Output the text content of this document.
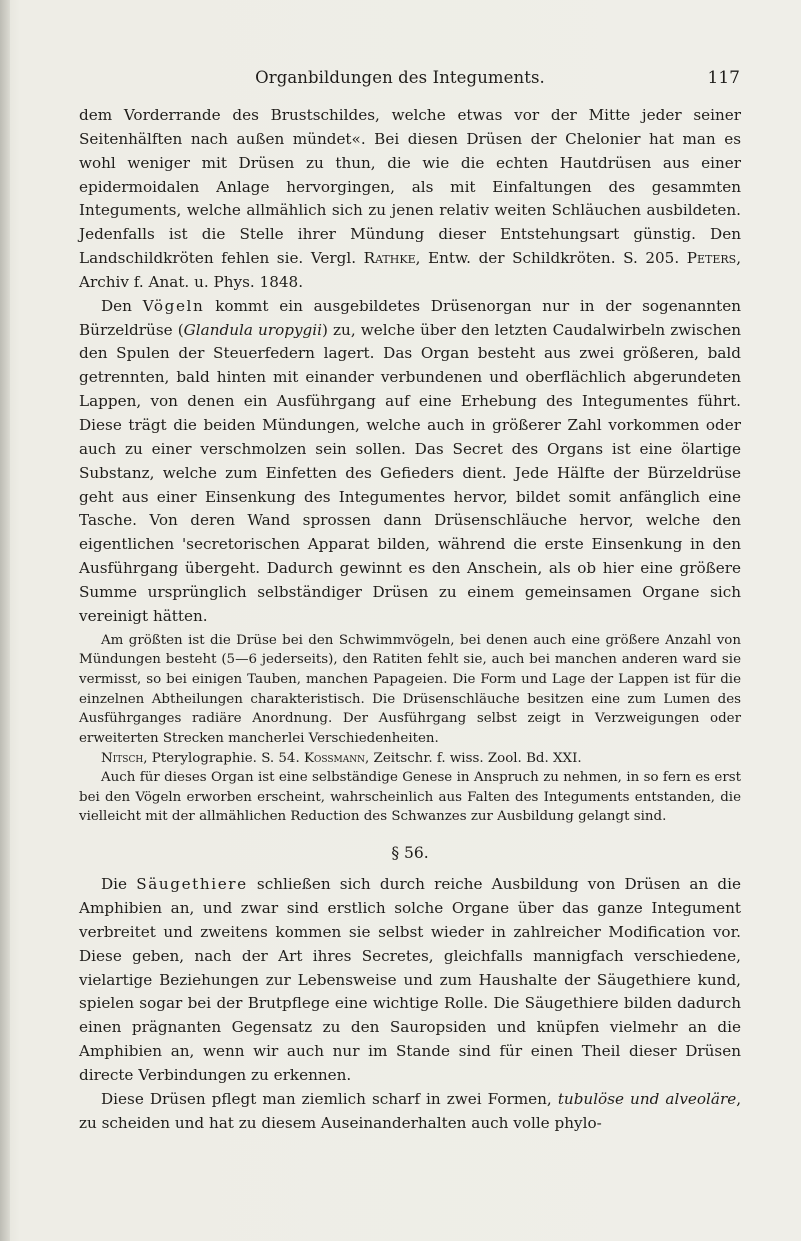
Organbildungen des Integuments.	117

dem Vorderrande des Brustschildes, welche etwas vor der Mitte jeder seiner Seitenhälften nach außen mündet«. Bei diesen Drüsen der Chelonier hat man es wohl weniger mit Drüsen zu thun, die wie die echten Hautdrüsen aus einer epidermoidalen Anlage hervorgingen, als mit Einfaltungen des gesammten Integuments, welche allmählich sich zu jenen relativ weiten Schläuchen ausbildeten. Jedenfalls ist die Stelle ihrer Mündung dieser Entstehungsart günstig. Den Landschildkröten fehlen sie. Vergl. Rathke, Entw. der Schildkröten. S. 205. Peters, Archiv f. Anat. u. Phys. 1848.

Den Vögeln kommt ein ausgebildetes Drüsenorgan nur in der sogenannten Bürzeldrüse (Glandula uropygii) zu, welche über den letzten Caudalwirbeln zwischen den Spulen der Steuerfedern lagert. Das Organ besteht aus zwei größeren, bald getrennten, bald hinten mit einander verbundenen und oberflächlich abgerundeten Lappen, von denen ein Ausführgang auf eine Erhebung des Integumentes führt. Diese trägt die beiden Mündungen, welche auch in größerer Zahl vorkommen oder auch zu einer verschmolzen sein sollen. Das Secret des Organs ist eine ölartige Substanz, welche zum Einfetten des Gefieders dient. Jede Hälfte der Bürzeldrüse geht aus einer Einsenkung des Integumentes hervor, bildet somit anfänglich eine Tasche. Von deren Wand sprossen dann Drüsenschläuche hervor, welche den eigentlichen 'secretorischen Apparat bilden, während die erste Einsenkung in den Ausführgang übergeht. Dadurch gewinnt es den Anschein, als ob hier eine größere Summe ursprünglich selbständiger Drüsen zu einem gemeinsamen Organe sich vereinigt hätten.

Am größten ist die Drüse bei den Schwimmvögeln, bei denen auch eine größere Anzahl von Mündungen besteht (5—6 jederseits), den Ratiten fehlt sie, auch bei manchen anderen ward sie vermisst, so bei einigen Tauben, manchen Papageien. Die Form und Lage der Lappen ist für die einzelnen Abtheilungen charakteristisch. Die Drüsenschläuche besitzen eine zum Lumen des Ausführganges radiäre Anordnung. Der Ausführgang selbst zeigt in Verzweigungen oder erweiterten Strecken mancherlei Verschiedenheiten.

Nitsch, Pterylographie. S. 54. Kossmann, Zeitschr. f. wiss. Zool. Bd. XXI.

Auch für dieses Organ ist eine selbständige Genese in Anspruch zu nehmen, in so fern es erst bei den Vögeln erworben erscheint, wahrscheinlich aus Falten des Integuments entstanden, die vielleicht mit der allmählichen Reduction des Schwanzes zur Ausbildung gelangt sind.

§ 56.

Die Säugethiere schließen sich durch reiche Ausbildung von Drüsen an die Amphibien an, und zwar sind erstlich solche Organe über das ganze Integument verbreitet und zweitens kommen sie selbst wieder in zahlreicher Modification vor. Diese geben, nach der Art ihres Secretes, gleichfalls mannigfach verschiedene, vielartige Beziehungen zur Lebensweise und zum Haushalte der Säugethiere kund, spielen sogar bei der Brutpflege eine wichtige Rolle. Die Säugethiere bilden dadurch einen prägnanten Gegensatz zu den Sauropsiden und knüpfen vielmehr an die Amphibien an, wenn wir auch nur im Stande sind für einen Theil dieser Drüsen directe Verbindungen zu erkennen.

Diese Drüsen pflegt man ziemlich scharf in zwei Formen, tubulöse und alveoläre, zu scheiden und hat zu diesem Auseinanderhalten auch volle phylo-
